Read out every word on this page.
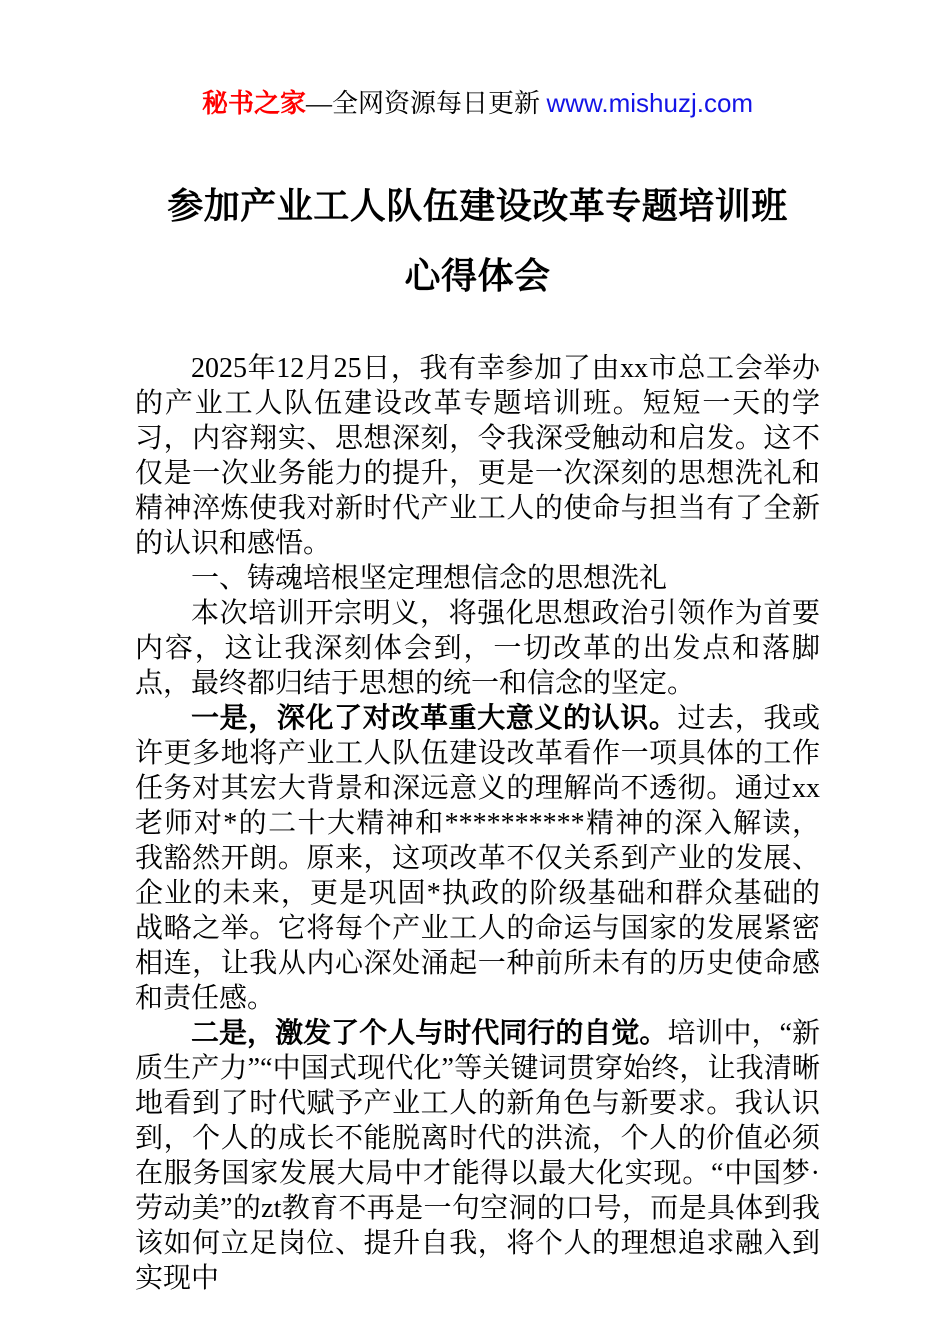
秘书之家—全网资源每日更新 www.mishuzj.com
参加产业工人队伍建设改革专题培训班
心得体会

2025年12月25日，我有幸参加了由xx市总工会举办的产业工人队伍建设改革专题培训班。短短一天的学习，内容翔实、思想深刻，令我深受触动和启发。这不仅是一次业务能力的提升，更是一次深刻的思想洗礼和精神淬炼使我对新时代产业工人的使命与担当有了全新的认识和感悟。

一、铸魂培根坚定理想信念的思想洗礼

本次培训开宗明义，将强化思想政治引领作为首要内容，这让我深刻体会到，一切改革的出发点和落脚点，最终都归结于思想的统一和信念的坚定。

一是，深化了对改革重大意义的认识。过去，我或许更多地将产业工人队伍建设改革看作一项具体的工作任务对其宏大背景和深远意义的理解尚不透彻。通过xx老师对*的二十大精神和**********精神的深入解读，我豁然开朗。原来，这项改革不仅关系到产业的发展、企业的未来，更是巩固*执政的阶级基础和群众基础的战略之举。它将每个产业工人的命运与国家的发展紧密相连，让我从内心深处涌起一种前所未有的历史使命感和责任感。

二是，激发了个人与时代同行的自觉。培训中，“新质生产力”“中国式现代化”等关键词贯穿始终，让我清晰地看到了时代赋予产业工人的新角色与新要求。我认识到，个人的成长不能脱离时代的洪流，个人的价值必须在服务国家发展大局中才能得以最大化实现。“中国梦·劳动美”的zt教育不再是一句空洞的口号，而是具体到我该如何立足岗位、提升自我，将个人的理想追求融入到实现中
